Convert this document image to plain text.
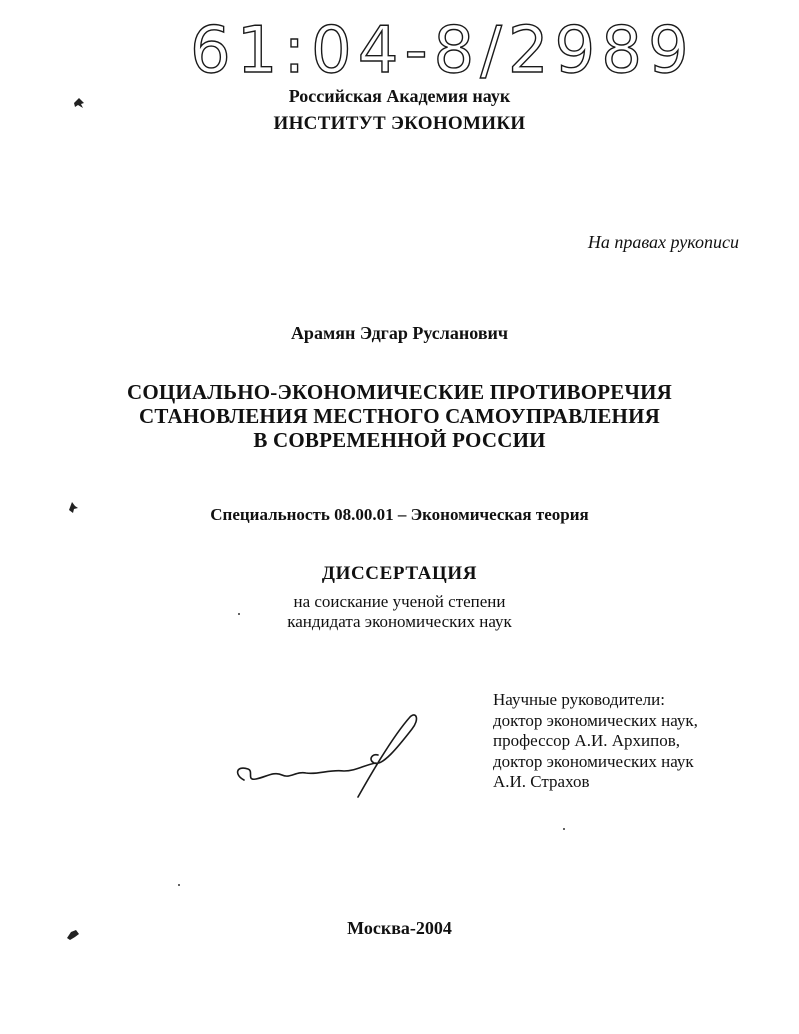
61:04-8/2989
Российская Академия наук
ИНСТИТУТ ЭКОНОМИКИ
На правах рукописи
Арамян Эдгар Русланович
СОЦИАЛЬНО-ЭКОНОМИЧЕСКИЕ ПРОТИВОРЕЧИЯ
СТАНОВЛЕНИЯ МЕСТНОГО САМОУПРАВЛЕНИЯ
В СОВРЕМЕННОЙ РОССИИ
Специальность 08.00.01 – Экономическая теория
ДИССЕРТАЦИЯ
на соискание ученой степени
кандидата экономических наук
Научные руководители:
доктор экономических наук,
профессор А.И. Архипов,
доктор экономических наук
А.И. Страхов
Москва-2004
